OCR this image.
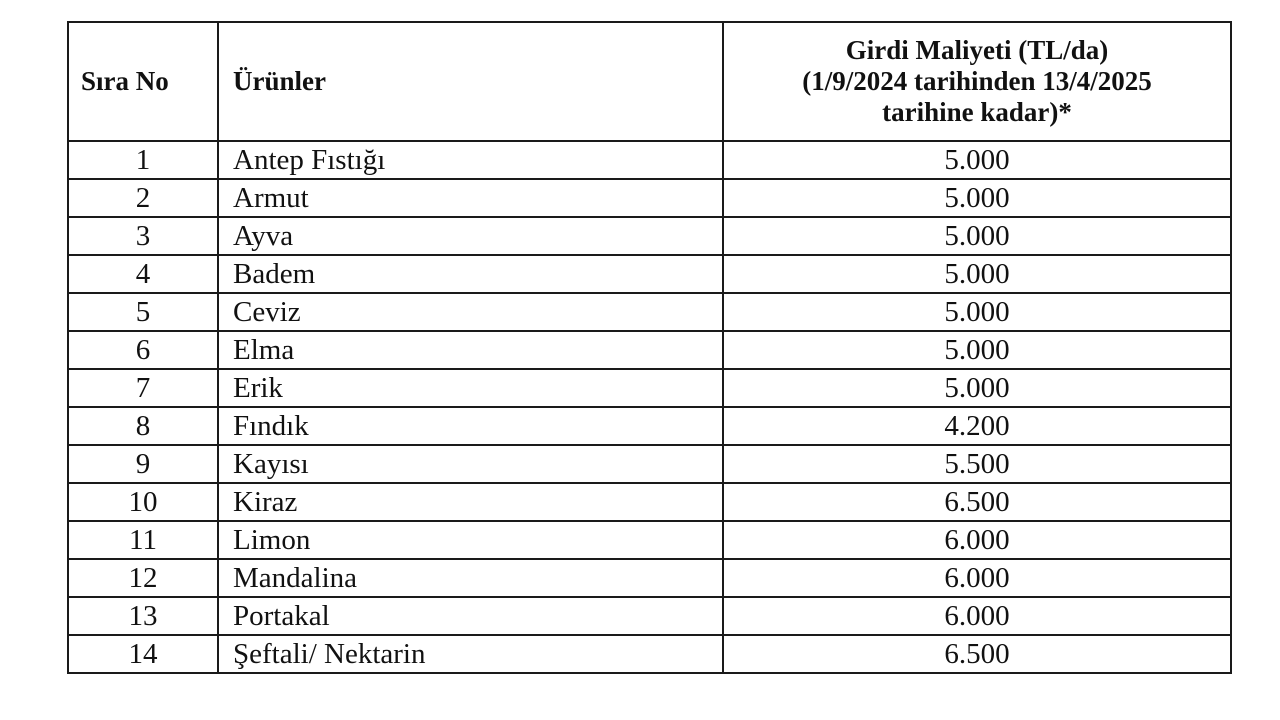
Sıra No	Ürünler	Girdi Maliyeti (TL/da)
(1/9/2024 tarihinden 13/4/2025
tarihine kadar)*

1	Antep Fıstığı	5.000
2	Armut	5.000
3	Ayva	5.000
4	Badem	5.000
5	Ceviz	5.000
6	Elma	5.000
7	Erik	5.000
8	Fındık	4.200
9	Kayısı	5.500
10	Kiraz	6.500
11	Limon	6.000
12	Mandalina	6.000
13	Portakal	6.000
14	Şeftali/ Nektarin	6.500
